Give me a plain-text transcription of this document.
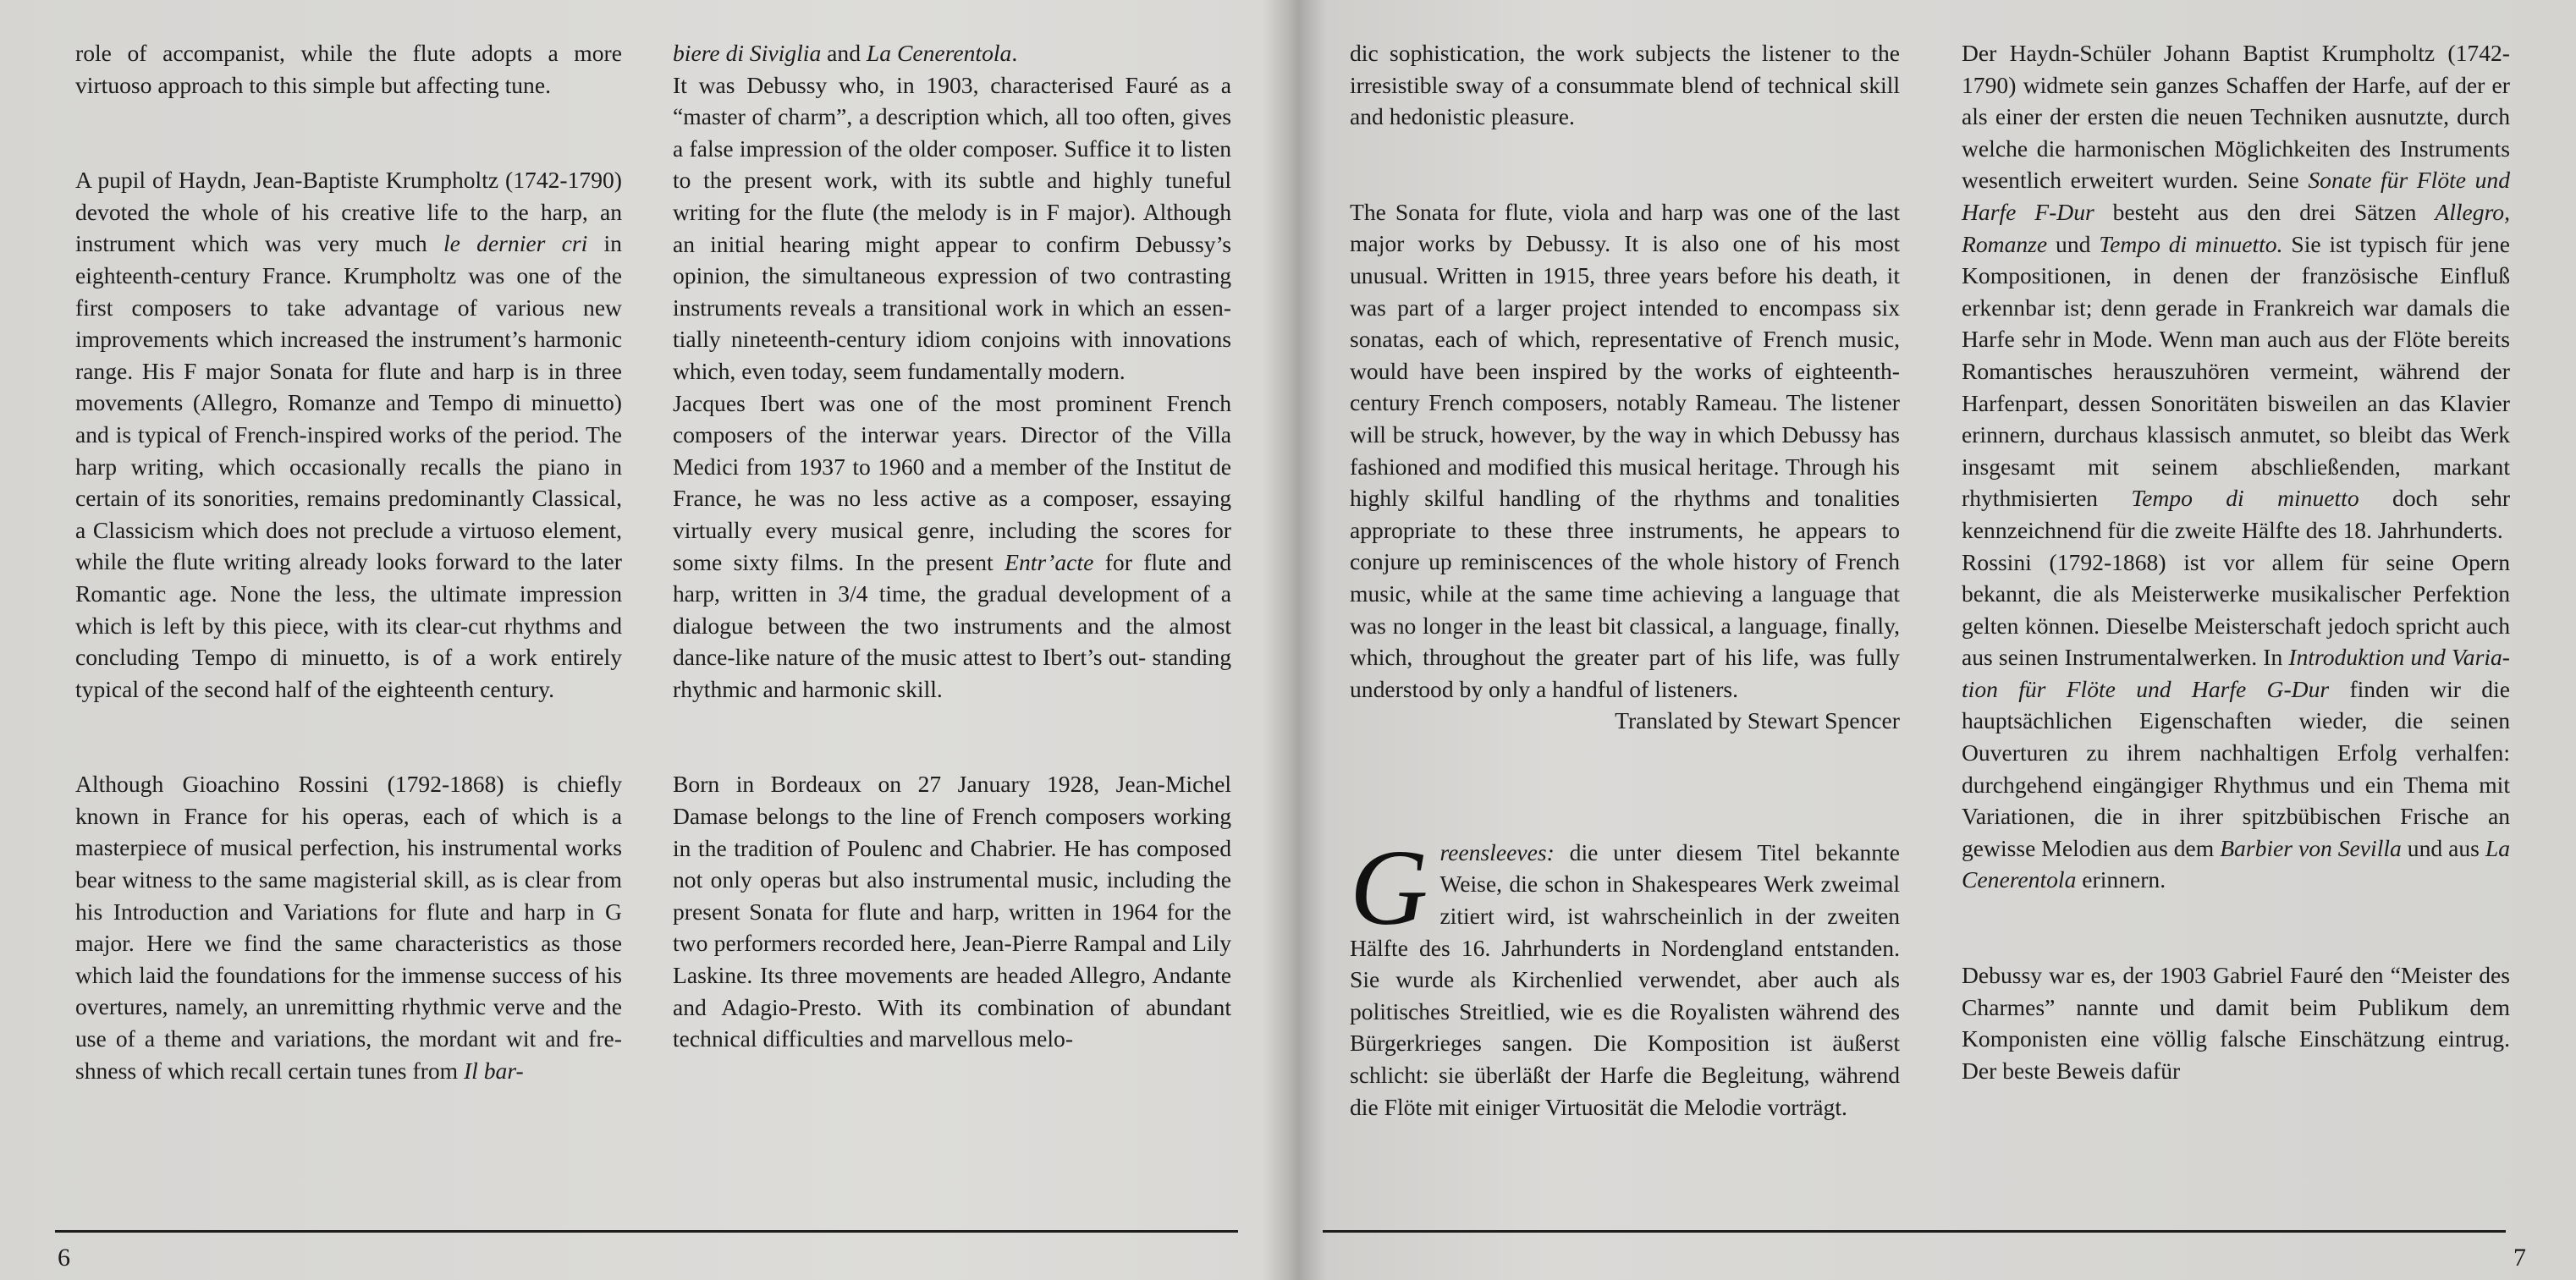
role of accompanist, while the flute adopts a more virtuoso approach to this simple but affecting tune.

A pupil of Haydn, Jean-Baptiste Krumpholtz (1742-1790) devoted the whole of his creative life to the harp, an instrument which was very much le dernier cri in eighteenth-century France. Krumpholtz was one of the first composers to take advantage of various new improvements which increased the instrument’s harmonic range. His F major Sonata for flute and harp is in three movements (Allegro, Romanze and Tempo di minuetto) and is typical of French-inspired works of the period. The harp writing, which occasionally recalls the piano in certain of its sonorities, remains predominantly Classical, a Classicism which does not preclude a virtuoso element, while the flute writing already looks forward to the later Romantic age. None the less, the ultimate impression which is left by this piece, with its clear-cut rhythms and concluding Tempo di minuetto, is of a work entirely typical of the second half of the eighteenth century.

Although Gioachino Rossini (1792-1868) is chiefly known in France for his operas, each of which is a masterpiece of musical perfection, his instrumental works bear witness to the same magisterial skill, as is clear from his Introduction and Variations for flute and harp in G major. Here we find the same characteristics as those which laid the foundations for the immense success of his overtures, namely, an unremitting rhythmic verve and the use of a theme and variations, the mordant wit and freshness of which recall certain tunes from Il bar-

biere di Siviglia and La Cenerentola.

It was Debussy who, in 1903, characterised Fauré as a “master of charm”, a description which, all too often, gives a false impression of the older composer. Suffice it to listen to the present work, with its subtle and highly tuneful writing for the flute (the melody is in F major). Although an initial hearing might appear to confirm Debussy’s opinion, the simultaneous expression of two contrasting instruments reveals a transitional work in which an essentially nineteenth-century idiom conjoins with innovations which, even today, seem fundamentally modern.

Jacques Ibert was one of the most prominent French composers of the interwar years. Director of the Villa Medici from 1937 to 1960 and a member of the Institut de France, he was no less active as a composer, essaying virtually every musical genre, including the scores for some sixty films. In the present Entr’acte for flute and harp, written in 3/4 time, the gradual development of a dialogue between the two instruments and the almost dance-like nature of the music attest to Ibert’s out- standing rhythmic and harmonic skill.

Born in Bordeaux on 27 January 1928, Jean-Michel Damase belongs to the line of French composers working in the tradition of Poulenc and Chabrier. He has composed not only operas but also instrumental music, including the present Sonata for flute and harp, written in 1964 for the two performers recorded here, Jean-Pierre Rampal and Lily Laskine. Its three movements are headed Allegro, Andante and Adagio-Presto. With its combination of abundant technical difficulties and marvellous melo-

6

dic sophistication, the work subjects the listener to the irresistible sway of a consummate blend of technical skill and hedonistic pleasure.

The Sonata for flute, viola and harp was one of the last major works by Debussy. It is also one of his most unusual. Written in 1915, three years before his death, it was part of a larger project intended to encompass six sonatas, each of which, representative of French music, would have been inspired by the works of eighteenth-century French composers, notably Rameau. The listener will be struck, however, by the way in which Debussy has fashioned and modified this musical heritage. Through his highly skilful handling of the rhythms and tonalities appropriate to these three instruments, he appears to conjure up reminiscences of the whole history of French music, while at the same time achieving a language that was no longer in the least bit classical, a language, finally, which, throughout the greater part of his life, was fully understood by only a handful of listeners.

Translated by Stewart Spencer

Greensleeves: die unter diesem Titel bekannte Weise, die schon in Shakespeares Werk zweimal zitiert wird, ist wahrscheinlich in der zweiten Hälfte des 16. Jahrhunderts in Nordengland entstanden. Sie wurde als Kirchenlied verwendet, aber auch als politisches Streitlied, wie es die Royalisten während des Bürgerkrieges sangen. Die Komposition ist äußerst schlicht: sie überläßt der Harfe die Begleitung, während die Flöte mit einiger Virtuosität die Melodie vorträgt.

Der Haydn-Schüler Johann Baptist Krumpholtz (1742-1790) widmete sein ganzes Schaffen der Harfe, auf der er als einer der ersten die neuen Techniken ausnutzte, durch welche die harmonischen Möglichkeiten des Instruments wesentlich erweitert wurden. Seine Sonate für Flöte und Harfe F-Dur besteht aus den drei Sätzen Allegro, Romanze und Tempo di minuetto. Sie ist typisch für jene Kompositionen, in denen der französische Einfluß erkennbar ist; denn gerade in Frankreich war damals die Harfe sehr in Mode. Wenn man auch aus der Flöte bereits Romantisches herauszuhören vermeint, während der Harfenpart, dessen Sonoritäten bisweilen an das Klavier erinnern, durchaus klassisch anmutet, so bleibt das Werk insgesamt mit seinem abschließenden, markant rhythmisierten Tempo di minuetto doch sehr kennzeichnend für die zweite Hälfte des 18. Jahrhunderts.

Rossini (1792-1868) ist vor allem für seine Opern bekannt, die als Meisterwerke musikalischer Perfektion gelten können. Dieselbe Meisterschaft jedoch spricht auch aus seinen Instrumentalwerken. In Introduktion und Variation für Flöte und Harfe G-Dur finden wir die hauptsächlichen Eigenschaften wieder, die seinen Ouverturen zu ihrem nachhaltigen Erfolg verhalfen: durchgehend eingängiger Rhythmus und ein Thema mit Variationen, die in ihrer spitzbübischen Frische an gewisse Melodien aus dem Barbier von Sevilla und aus La Cenerentola erinnern.

Debussy war es, der 1903 Gabriel Fauré den “Meister des Charmes” nannte und damit beim Publikum dem Komponisten eine völlig falsche Einschätzung eintrug. Der beste Beweis dafür

7
